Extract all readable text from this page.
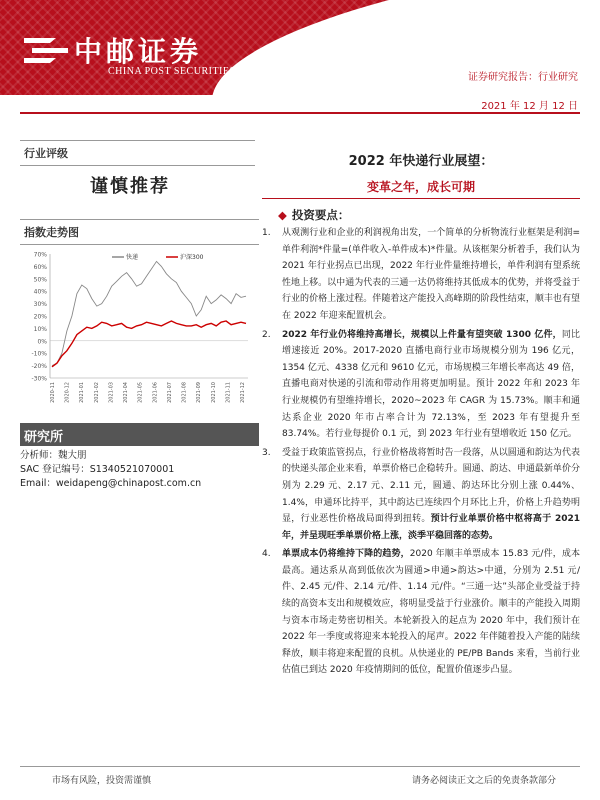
中邮证券
CHINA POST SECURITIES
证券研究报告：行业研究
2021 年 12 月 12 日
行业评级
谨慎推荐
指数走势图
70%
60%
50%
40%
30%
20%
10%
0%
-10%
-20%
-30%
2020-11 2020-12 2021-01 2021-02 2021-03 2021-04 2021-05 2021-06 2021-07 2021-08 2021-09 2021-10 2021-11 2021-12
快递	沪深300
研究所
分析师：魏大朋
SAC 登记编号：S1340521070001
Email：weidapeng@chinapost.com.cn
2022 年快递行业展望：
变革之年，成长可期
◆ 投资要点：
1. 从观测行业和企业的利润视角出发，一个简单的分析物流行业框架是利润=单件利润*件量=(单件收入-单件成本)*件量。从该框架分析着手，我们认为 2021 年行业拐点已出现，2022 年行业件量维持增长，单件利润有望系统性地上移。以中通为代表的三通一达仍将维持其低成本的优势，并将受益于行业的价格上涨过程。伴随着这产能投入高峰期的阶段性结束，顺丰也有望在 2022 年迎来配置机会。
2. 2022 年行业仍将维持高增长，规模以上件量有望突破 1300 亿件，同比增速接近 20%。2017-2020 直播电商行业市场规模分别为 196 亿元，1354 亿元、4338 亿元和 9610 亿元，市场规模三年增长率高达 49 倍，直播电商对快递的引流和带动作用将更加明显。预计 2022 年和 2023 年行业规模仍有望维持增长，2020~2023 年 CAGR 为 15.73%。顺丰和通达系企业 2020 年市占率合计为 72.13%，至 2023 年有望提升至 83.74%。若行业每提价 0.1 元，到 2023 年行业有望增收近 150 亿元。
3. 受益于政策监管拐点，行业价格战将暂时告一段落，从以圆通和韵达为代表的快递头部企业来看，单票价格已企稳转升。圆通、韵达、申通最新单价分别为 2.29 元、2.17 元、2.11 元，圆通、韵达环比分别上涨 0.44%、1.4%，申通环比持平，其中韵达已连续四个月环比上升，价格上升趋势明显，行业恶性价格战局面得到扭转。预计行业单票价格中枢将高于 2021 年，并呈现旺季单票价格上涨，淡季平稳回落的态势。
4. 单票成本仍将维持下降的趋势，2020 年顺丰单票成本 15.83 元/件，成本最高。通达系从高到低依次为圆通>申通>韵达>中通，分别为 2.51 元/件、2.45 元/件、2.14 元/件、1.14 元/件。“三通一达”头部企业受益于持续的高资本支出和规模效应，将明显受益于行业涨价。顺丰的产能投入周期与资本市场走势密切相关。本轮新投入的起点为 2020 年中，我们预计在 2022 年一季度或将迎来本轮投入的尾声。2022 年伴随着投入产能的陆续释放，顺丰将迎来配置的良机。从快递业的 PE/PB Bands 来看，当前行业估值已到达 2020 年疫情期间的低位，配置价值逐步凸显。
市场有风险，投资需谨慎	请务必阅读正文之后的免责条款部分
